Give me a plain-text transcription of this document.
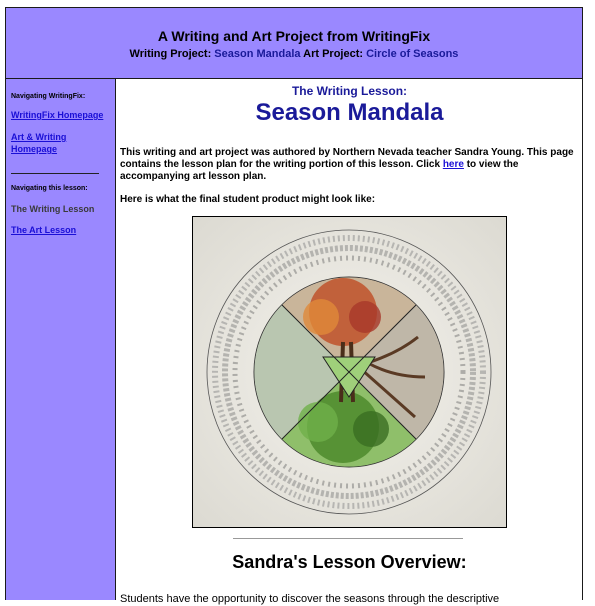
A Writing and Art Project from WritingFix
Writing Project: Season Mandala Art Project: Circle of Seasons
Navigating WritingFix:
WritingFix Homepage
Art & Writing Homepage
Navigating this lesson:
The Writing Lesson
The Art Lesson
The Writing Lesson:
Season Mandala
This writing and art project was authored by Northern Nevada teacher Sandra Young. This page contains the lesson plan for the writing portion of this lesson. Click here to view the accompanying art lesson plan.
Here is what the final student product might look like:
Sandra's Lesson Overview:
Students have the opportunity to discover the seasons through the descriptive
